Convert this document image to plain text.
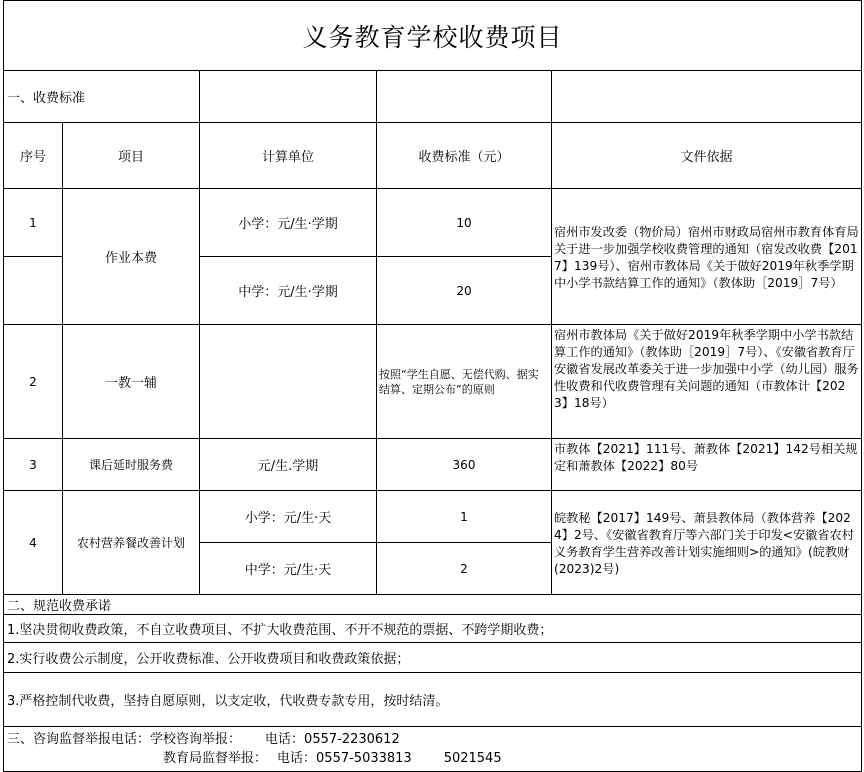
义务教育学校收费项目				
一、收费标准				
序号	项目	计算单位	收费标准（元）	文件依据
1	作业本费	小学：元/生·学期	10	宿州市发改委（物价局）宿州市财政局宿州市教育体育局关于进一步加强学校收费管理的通知（宿发改收费【2017】139号）、宿州市教体局《关于做好2019年秋季学期中小学书款结算工作的通知》（教体助［2019］7号）
		中学：元/生·学期	20	
2	一教一辅		按照“学生自愿、无偿代购、据实结算、定期公布”的原则	宿州市教体局《关于做好2019年秋季学期中小学书款结算工作的通知》（教体助［2019］7号）、《安徽省教育厅安徽省发展改革委关于进一步加强中小学（幼儿园）服务性收费和代收费管理有关问题的通知（市教体计【2023】18号）
3	课后延时服务费	元/生.学期	360	市教体【2021】111号、萧教体【2021】142号相关规定和萧教体【2022】80号
4	农村营养餐改善计划	小学：元/生·天	1	皖教秘【2017】149号、萧县教体局（教体营养【2024】2号、《安徽省教育厅等六部门关于印发<安徽省农村义务教育学生营养改善计划实施细则>的通知》(皖教财(2023)2号)
		中学：元/生·天	2	
二、规范收费承诺				
1.坚决贯彻收费政策，不自立收费项目、不扩大收费范围、不开不规范的票据、不跨学期收费；				
2.实行收费公示制度，公开收费标准、公开收费项目和收费政策依据；				
3.严格控制代收费，坚持自愿原则，以支定收，代收费专款专用，按时结清。				
三、咨询监督举报电话：学校咨询举报： 电话：0557-2230612
教育局监督举报： 电话：0557-5033813 5021545				
